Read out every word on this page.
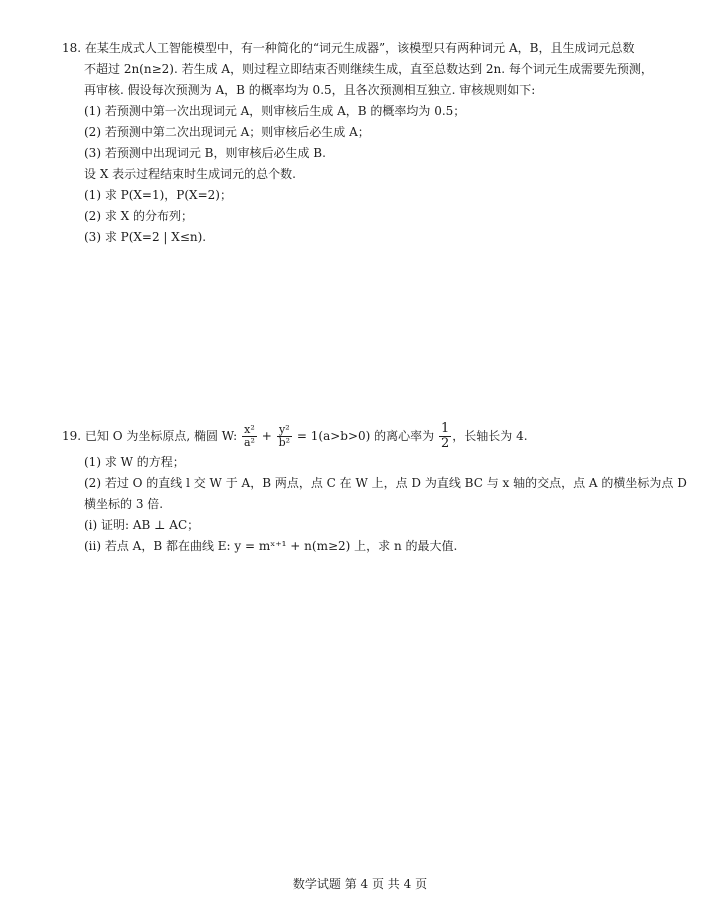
18. 在某生成式人工智能模型中，有一种简化的“词元生成器”，该模型只有两种词元 A，B，且生成词元总数
不超过 2n(n≥2). 若生成 A，则过程立即结束否则继续生成，直至总数达到 2n. 每个词元生成需要先预测，
再审核. 假设每次预测为 A，B 的概率均为 0.5，且各次预测相互独立. 审核规则如下:
(1) 若预测中第一次出现词元 A，则审核后生成 A，B 的概率均为 0.5；
(2) 若预测中第二次出现词元 A；则审核后必生成 A；
(3) 若预测中出现词元 B，则审核后必生成 B.
设 X 表示过程结束时生成词元的总个数.
(1) 求 P(X=1)，P(X=2)；
(2) 求 X 的分布列；
(3) 求 P(X=2 | X≤n).
19. 已知 O 为坐标原点, 椭圆 W: $\frac{\text{x²}}{\text{a²}} + \frac{\text{y²}}{\text{b²}} = 1(a>b>0)$ 的离心率为 $\frac{1}{2}$ ，长轴长为 4.
(1) 求 W 的方程；
(2) 若过 O 的直线 l 交 W 于 A，B 两点，点 C 在 W 上，点 D 为直线 BC 与 x 轴的交点，点 A 的横坐标为点 D
横坐标的 3 倍.
(i) 证明: AB ⊥ AC；
(ii) 若点 A，B 都在曲线 E: y = mˣ⁺¹ + n(m≥2) 上，求 n 的最大值.
数学试题 第 4 页 共 4 页
